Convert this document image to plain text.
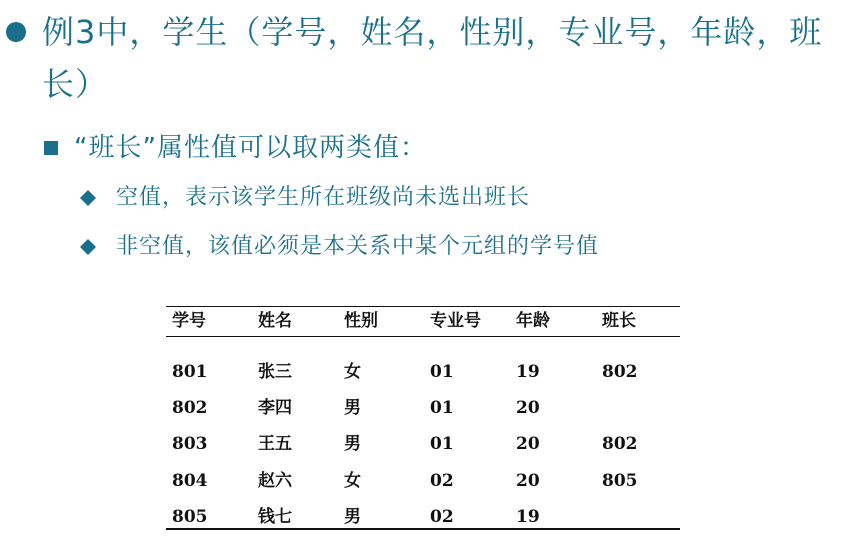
例3中，学生（学号，姓名，性别，专业号，年龄，班长）
“班长”属性值可以取两类值：
空值，表示该学生所在班级尚未选出班长
非空值，该值必须是本关系中某个元组的学号值
学号	姓名	性别	专业号 年龄	班长
801	张三	女	01	19	802
802	李四	男	01	20
803	王五	男	01	20	802
804	赵六	女	02	20	805
805	钱七	男	02	19
